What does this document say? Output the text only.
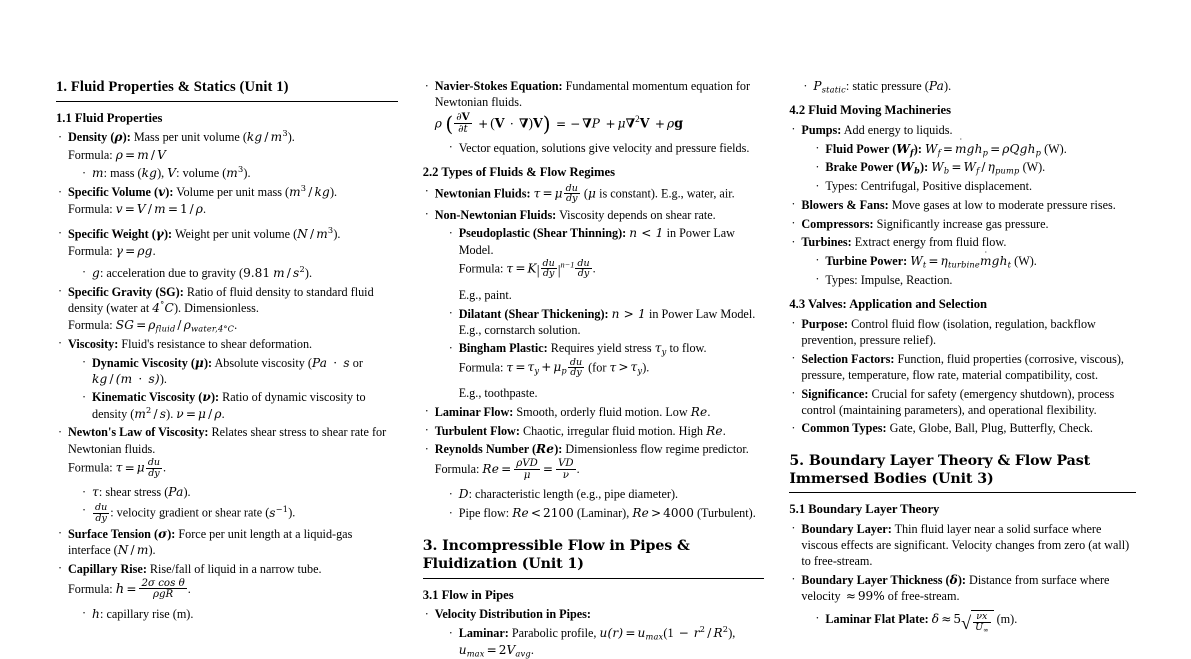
1. Fluid Properties & Statics (Unit 1)
1.1 Fluid Properties
· Density (ρ): Mass per unit volume $(kg / m^3)$.
Formula: ρ = m / V
· m: mass (kg), V: volume $(m^3)$.
· Specific Volume (v): Volume per unit mass $(m^3 / kg)$.
Formula: v = V / m = 1 / ρ.
· Specific Weight (γ): Weight per unit volume $(N / m^3)$.
Formula: γ = ρg.
· g: acceleration due to gravity (9.81 m / $s^2$).
· Specific Gravity (SG): Ratio of fluid density to standard fluid density (water at 4°C). Dimensionless.
Formula: SG = $\rho_{fluid} / \rho_{water,4^\circ C}$.
· Viscosity: Fluid's resistance to shear deformation.
· Dynamic Viscosity (μ): Absolute viscosity (Pa · s or kg / (m · s)).
· Kinematic Viscosity (ν): Ratio of dynamic viscosity to density $(m^2 / s)$. ν = μ / ρ.
· Newton's Law of Viscosity: Relates shear stress to shear rate for Newtonian fluids.
Formula: τ = μ $\frac{du}{dy}$ .
· τ: shear stress (Pa).
· $\frac{du}{dy}$ : velocity gradient or shear rate $(s^{-1})$.
· Surface Tension (σ): Force per unit length at a liquid-gas interface (N / m).
· Capillary Rise: Rise/fall of liquid in a narrow tube.
Formula: $h = \frac{\text{2σ cos θ}}{\text{ρgR}}$ .
· h: capillary rise (m).
· Navier-Stokes Equation: Fundamental momentum equation for Newtonian fluids.
ρ ( $\frac{\partial V}{\partial t} + (V \cdot \nabla)V$) = − ∇P + μ∇$^2$V + ρg
· Vector equation, solutions give velocity and pressure fields.
2.2 Types of Fluids & Flow Regimes
· Newtonian Fluids: τ = μ $\frac{du}{dy} (\mu$ is constant). E.g., water, air.
· Non-Newtonian Fluids: Viscosity depends on shear rate.
· Pseudoplastic (Shear Thinning): n < 1 in Power Law Model.
Formula: $\tau = K| \frac{du}{dy} |^{n-1} \frac{du}{dy}$ .
E.g., paint.
· Dilatant (Shear Thickening): n > 1 in Power Law Model. E.g., cornstarch solution.
· Bingham Plastic: Requires yield stress $\tau_y$ to flow.
Formula: $\tau = \tau_y + \mu_p \frac{du}{dy} (for$ $\tau > \tau_y$).
E.g., toothpaste.
· Laminar Flow: Smooth, orderly fluid motion. Low Re.
· Turbulent Flow: Chaotic, irregular fluid motion. High Re.
· Reynolds Number (Re): Dimensionless flow regime predictor.
Formula: $Re = \frac{\text{ρVD}}{\mu} = \frac{VD}{\nu}$ .
· D: characteristic length (e.g., pipe diameter).
· Pipe flow: Re < 2100 (Laminar), Re > 4000 (Turbulent).
3. Incompressible Flow in Pipes & Fluidization (Unit 1)
3.1 Flow in Pipes
· Velocity Distribution in Pipes:
· Laminar: Parabolic profile, $u(r) = u_{max}(1 - r^2 / R^2)$,
$u_{max} = 2V_{avg}$.
· $P_{static}$: static pressure (Pa).
4.2 Fluid Moving Machineries
· Pumps: Add energy to liquids.
· Fluid Power $(W_f)$: $W_f$ =
·
mgh$_p$ = ρQgh$_p$ (W).
· Brake Power $(W_b)$: $W_b = W_f / \eta_{pump}$ (W).
· Types: Centrifugal, Positive displacement.
· Blowers & Fans: Move gases at low to moderate pressure rises.
· Compressors: Significantly increase gas pressure.
· Turbines: Extract energy from fluid flow.
· Turbine Power: $W_t = \eta_{turbine}$
·
mgh$_t$ (W).
· Types: Impulse, Reaction.
4.3 Valves: Application and Selection
· Purpose: Control fluid flow (isolation, regulation, backflow prevention, pressure relief).
· Selection Factors: Function, fluid properties (corrosive, viscous), pressure, temperature, flow rate, material compatibility, cost.
· Significance: Crucial for safety (emergency shutdown), process control (maintaining parameters), and operational flexibility.
· Common Types: Gate, Globe, Ball, Plug, Butterfly, Check.
5. Boundary Layer Theory & Flow Past Immersed Bodies (Unit 3)
5.1 Boundary Layer Theory
· Boundary Layer: Thin fluid layer near a solid surface where viscous effects are significant. Velocity changes from zero (at wall) to free-stream.
· Boundary Layer Thickness (δ): Distance from surface where velocity ≈ 99% of free-stream.
· Laminar Flat Plate: $\delta \approx 5√ \frac{\nu x}{U_\infty} (m)$.
